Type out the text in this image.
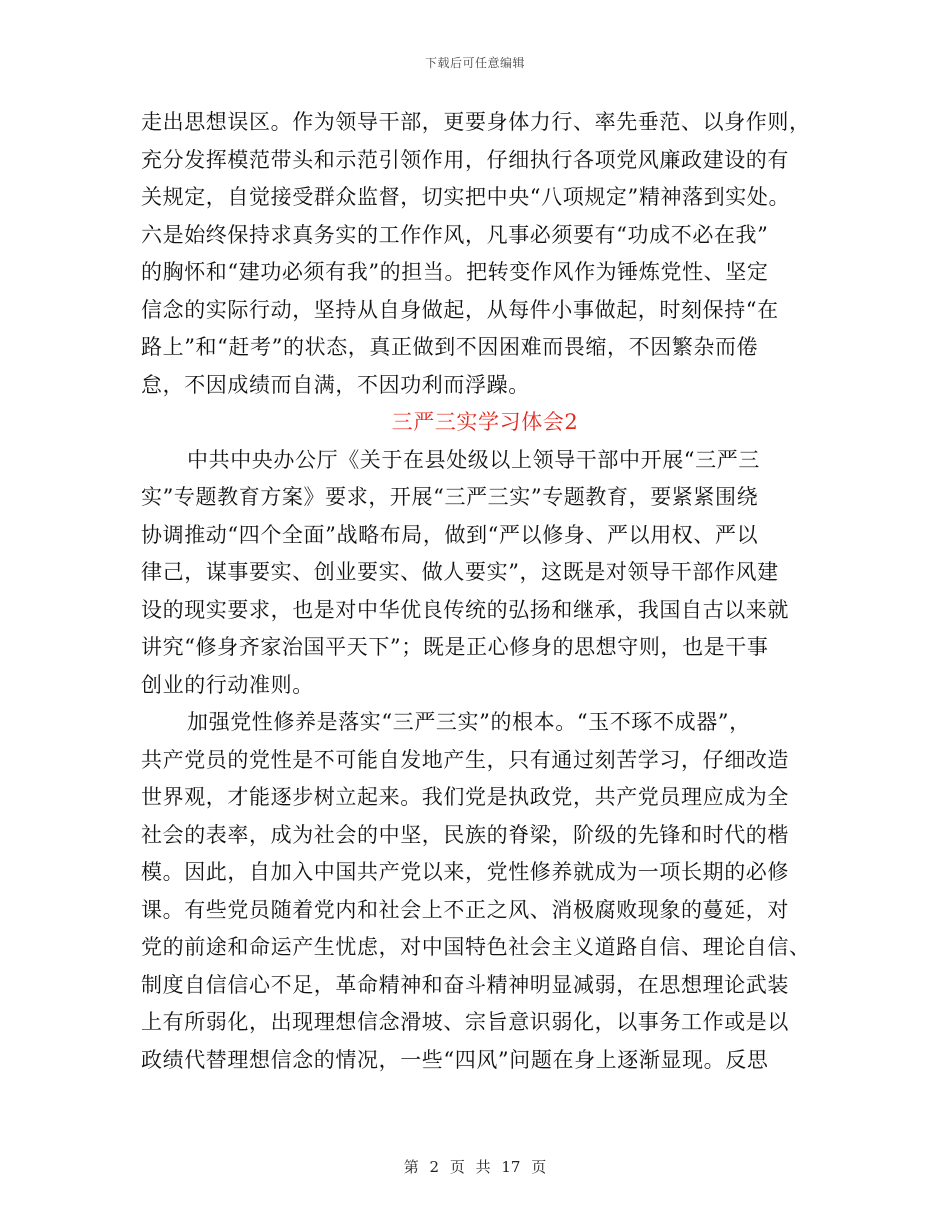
下载后可任意编辑
走出思想误区。作为领导干部，更要身体力行、率先垂范、以身作则，
充分发挥模范带头和示范引领作用，仔细执行各项党风廉政建设的有
关规定，自觉接受群众监督，切实把中央“八项规定”精神落到实处。
六是始终保持求真务实的工作作风，凡事必须要有“功成不必在我”
的胸怀和“建功必须有我”的担当。把转变作风作为锤炼党性、坚定
信念的实际行动，坚持从自身做起，从每件小事做起，时刻保持“在
路上”和“赶考”的状态，真正做到不因困难而畏缩，不因繁杂而倦
怠，不因成绩而自满，不因功利而浮躁。
三严三实学习体会2
中共中央办公厅《关于在县处级以上领导干部中开展“三严三
实”专题教育方案》要求，开展“三严三实”专题教育，要紧紧围绕
协调推动“四个全面”战略布局，做到“严以修身、严以用权、严以
律己，谋事要实、创业要实、做人要实”，这既是对领导干部作风建
设的现实要求，也是对中华优良传统的弘扬和继承，我国自古以来就
讲究“修身齐家治国平天下”；既是正心修身的思想守则，也是干事
创业的行动准则。
加强党性修养是落实“三严三实”的根本。“玉不琢不成器”，
共产党员的党性是不可能自发地产生，只有通过刻苦学习，仔细改造
世界观，才能逐步树立起来。我们党是执政党，共产党员理应成为全
社会的表率，成为社会的中坚，民族的脊梁，阶级的先锋和时代的楷
模。因此，自加入中国共产党以来，党性修养就成为一项长期的必修
课。有些党员随着党内和社会上不正之风、消极腐败现象的蔓延，对
党的前途和命运产生忧虑，对中国特色社会主义道路自信、理论自信、
制度自信信心不足，革命精神和奋斗精神明显减弱，在思想理论武装
上有所弱化，出现理想信念滑坡、宗旨意识弱化，以事务工作或是以
政绩代替理想信念的情况，一些“四风”问题在身上逐渐显现。反思
第 2 页 共 17 页
